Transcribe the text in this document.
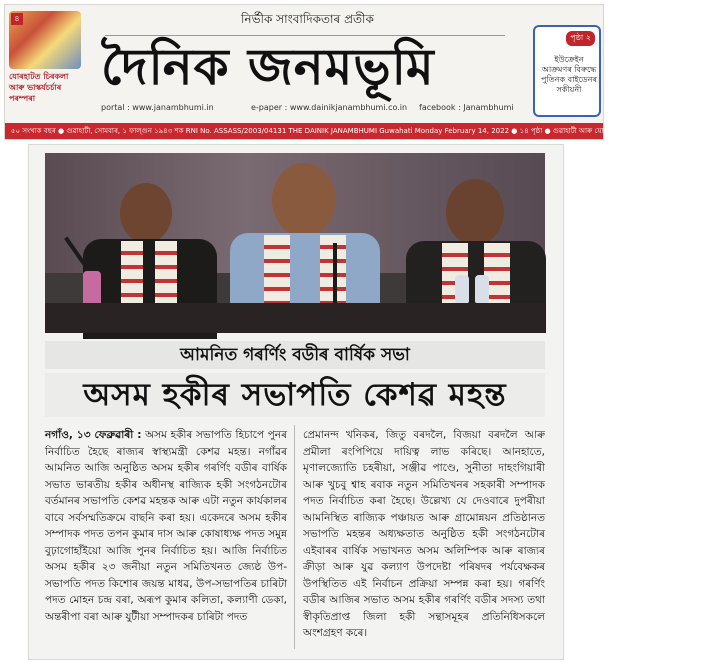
৪
যোৰহাটত চিৰকলা আৰু ভাস্কৰ্যচৰ্চাৰ পৰম্পৰা
নিৰ্ভীক সাংবাদিকতাৰ প্ৰতীক
দৈনিক জনমভূমি
portal : www.janambhumi.in	e-paper : www.dainikjanambhumi.co.in facebook : Janambhumi
পৃষ্ঠা ২
ইউক্ৰেইন আক্ৰমণৰ বিৰুদ্ধে পুতিনক বাইডেনৰ সকীয়নী
৫০ সংখ্যক বছৰ ● গুৱাহাটী, সোমবাৰ, ১ ফাল্গুন ১৯৪৩ শক RNI No. ASSASS/2003/04131 THE DAINIK JANAMBHUMI Guwahati Monday February 14, 2022 ● ১৪ পৃষ্ঠা ● গুৱাহাটী আৰু যোৰহাটৰ পৰা প্ৰকাশিত ● মূল্য ৫ টকা
আমনিত গৰৰ্ণিং বডীৰ বাৰ্ষিক সভা
অসম হকীৰ সভাপতি কেশৱ মহন্ত

নগাঁও, ১৩ ফেব্ৰুৱাৰী : অসম হকীৰ সভাপতি হিচাপে পুনৰ নিৰ্বাচিত হৈছে ৰাজ্যৰ স্বাস্থ্যমন্ত্ৰী কেশৱ মহন্ত। নগাঁৱৰ আমনিত আজি অনুষ্ঠিত অসম হকীৰ গৰৰ্ণিং বডীৰ বাৰ্ষিক সভাত ভাৰতীয় হকীৰ অধীনস্থ ৰাজ্যিক হকী সংগঠনটোৰ বৰ্তমানৰ সভাপতি কেশৱ মহন্তক আৰু এটা নতুন কাৰ্যকালৰ বাবে সৰ্বসম্মতিক্ৰমে বাছনি কৰা হয়। একেদৰে অসম হকীৰ সম্পাদক পদত তপন কুমাৰ দাস আৰু কোষাধ্যক্ষ পদত সমুন্ন বুঢ়াগোহাঁইয়ো আজি পুনৰ নিৰ্বাচিত হয়। আজি নিৰ্বাচিত অসম হকীৰ ২৩ জনীয়া নতুন সমিতিখনত জ্যেষ্ঠ উপ-সভাপতি পদত কিশোৰ জয়ন্ত মাধৱ, উপ-সভাপতিৰ চাৰিটা পদত মোহন চন্দ্ৰ বৰা, অৰূপ কুমাৰ কলিতা, কল্যাণী ডেকা, অন্তৰীপা বৰা আৰু যুটীয়া সম্পাদকৰ চাৰিটা পদত

প্ৰেমানন্দ খনিকৰ, জিতু বৰদলৈ, বিজয়া বৰদলৈ আৰু প্ৰমীলা ৰংপিপিয়ে দায়িত্ব লাভ কৰিছে। আনহাতে, মৃণালজ্যোতি চহৰীয়া, সঞ্জীৱ পাণ্ডে, সুনীতা দাহংগিয়াৰী আৰু খুচবু শ্বাহ ৰবাক নতুন সমিতিখনৰ সহকাৰী সম্পাদক পদত নিৰ্বাচিত কৰা হৈছে। উল্লেখ্য যে দেওবাৰে দুপৰীয়া আমনিস্থিত ৰাজ্যিক পঞ্চায়ত আৰু গ্ৰামোন্নয়ন প্ৰতিষ্ঠানত সভাপতি মহন্তৰ অধ্যক্ষতাত অনুষ্ঠিত হকী সংগঠনটোৰ এইবাৰৰ বাৰ্ষিক সভাখনত অসম অলিম্পিক আৰু ৰাজ্যৰ ক্ৰীড়া আৰু যুৱ কল্যাণ উপদেষ্টা পৰিষদৰ পৰ্যবেক্ষকৰ উপস্থিতিত এই নিৰ্বাচন প্ৰক্ৰিয়া সম্পন্ন কৰা হয়। গৰৰ্ণিং বডীৰ আজিৰ সভাত অসম হকীৰ গৰৰ্ণিং বডীৰ সদস্য তথা স্বীকৃতিপ্ৰাপ্ত জিলা হকী সন্থাসমূহৰ প্ৰতিনিধিসকলে অংশগ্ৰহণ কৰে।
